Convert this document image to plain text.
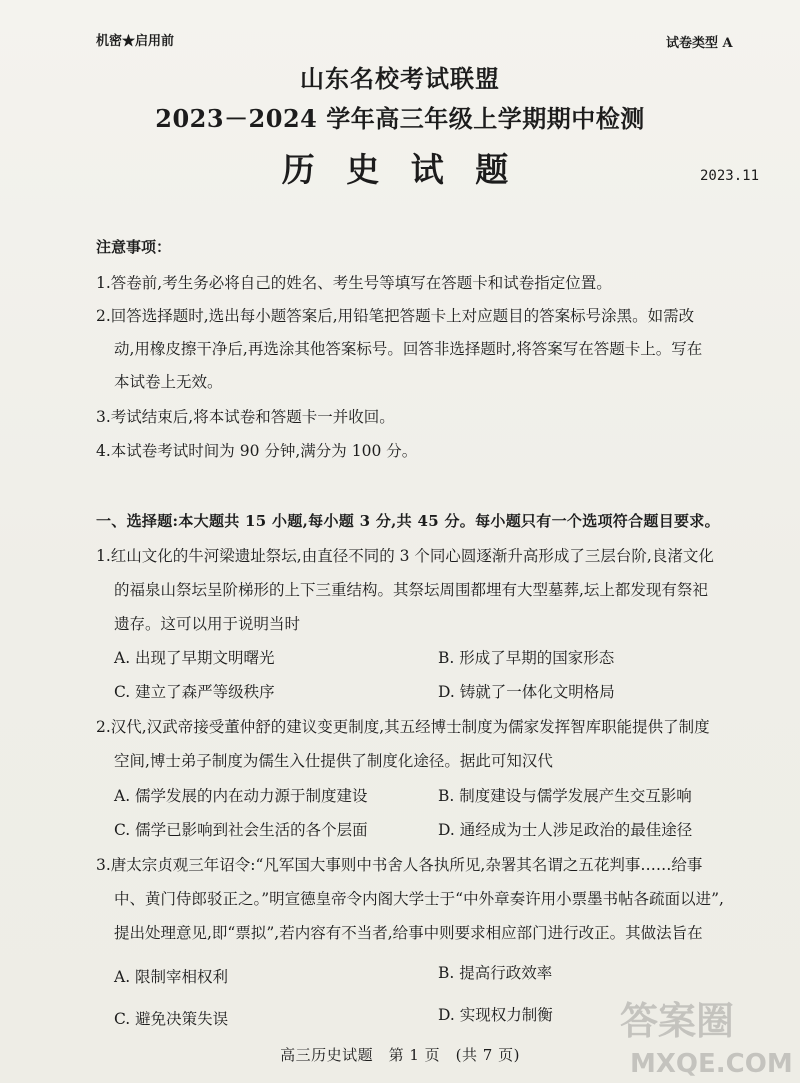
机密★启用前	试卷类型 A
山东名校考试联盟
2023－2024 学年高三年级上学期期中检测
历 史 试 题	2023.11
注意事项：
1.答卷前,考生务必将自己的姓名、考生号等填写在答题卡和试卷指定位置。
2.回答选择题时,选出每小题答案后,用铅笔把答题卡上对应题目的答案标号涂黑。如需改
动,用橡皮擦干净后,再选涂其他答案标号。回答非选择题时,将答案写在答题卡上。写在
本试卷上无效。
3.考试结束后,将本试卷和答题卡一并收回。
4.本试卷考试时间为 90 分钟,满分为 100 分。
一、选择题:本大题共 15 小题,每小题 3 分,共 45 分。每小题只有一个选项符合题目要求。
1.红山文化的牛河梁遗址祭坛,由直径不同的 3 个同心圆逐渐升高形成了三层台阶,良渚文化
的福泉山祭坛呈阶梯形的上下三重结构。其祭坛周围都埋有大型墓葬,坛上都发现有祭祀
遗存。这可以用于说明当时
A. 出现了早期文明曙光	B. 形成了早期的国家形态
C. 建立了森严等级秩序	D. 铸就了一体化文明格局
2.汉代,汉武帝接受董仲舒的建议变更制度,其五经博士制度为儒家发挥智库职能提供了制度
空间,博士弟子制度为儒生入仕提供了制度化途径。据此可知汉代
A. 儒学发展的内在动力源于制度建设	B. 制度建设与儒学发展产生交互影响
C. 儒学已影响到社会生活的各个层面	D. 通经成为士人涉足政治的最佳途径
3.唐太宗贞观三年诏令:“凡军国大事则中书舍人各执所见,杂署其名谓之五花判事……给事
中、黄门侍郎驳正之。”明宣德皇帝令内阁大学士于“中外章奏许用小票墨书帖各疏面以进”,
提出处理意见,即“票拟”,若内容有不当者,给事中则要求相应部门进行改正。其做法旨在
A. 限制宰相权利	B. 提高行政效率
C. 避免决策失误	D. 实现权力制衡
高三历史试题　第 1 页　(共 7 页)
答案圈
MXQE.COM
